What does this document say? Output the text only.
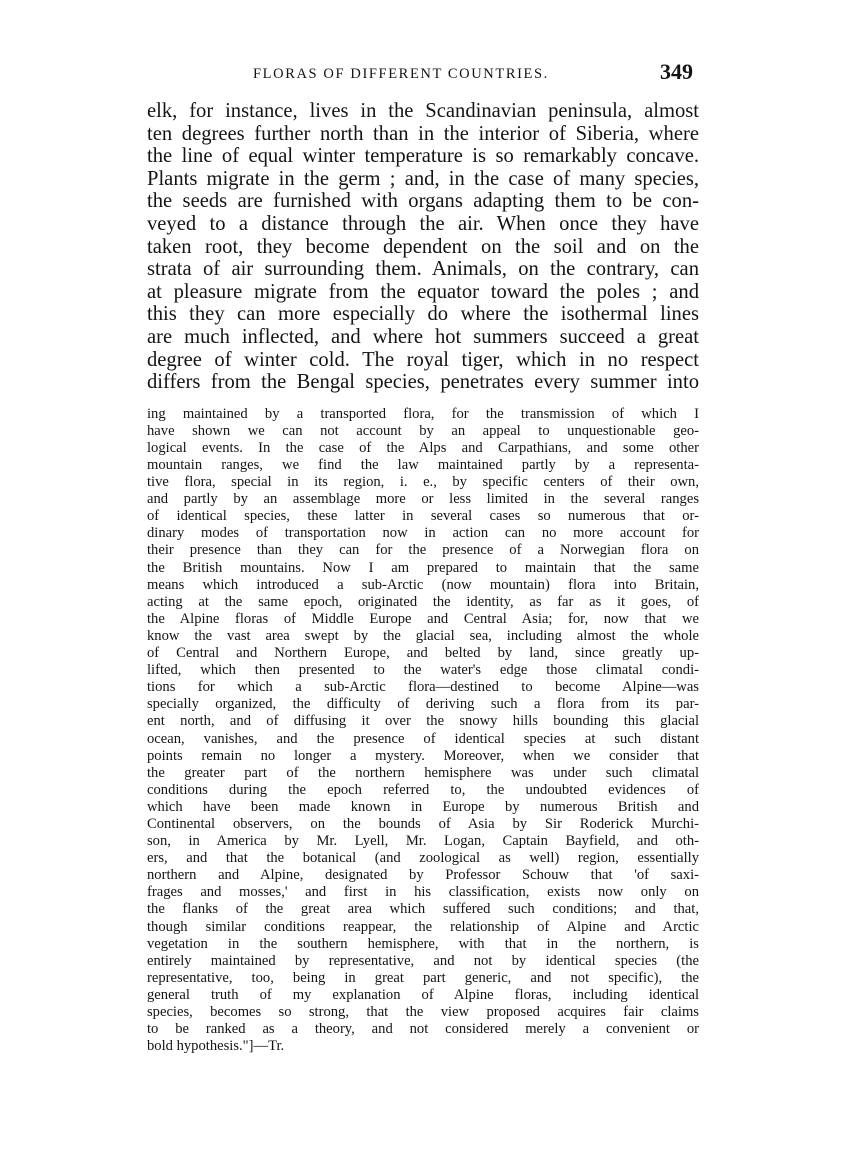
FLORAS OF DIFFERENT COUNTRIES.	349
elk, for instance, lives in the Scandinavian peninsula, almost
ten degrees further north than in the interior of Siberia, where
the line of equal winter temperature is so remarkably concave.
Plants migrate in the germ ; and, in the case of many species,
the seeds are furnished with organs adapting them to be con-
veyed to a distance through the air. When once they have
taken root, they become dependent on the soil and on the
strata of air surrounding them. Animals, on the contrary, can
at pleasure migrate from the equator toward the poles ; and
this they can more especially do where the isothermal lines
are much inflected, and where hot summers succeed a great
degree of winter cold. The royal tiger, which in no respect
differs from the Bengal species, penetrates every summer into
ing maintained by a transported flora, for the transmission of which I
have shown we can not account by an appeal to unquestionable geo-
logical events. In the case of the Alps and Carpathians, and some other
mountain ranges, we find the law maintained partly by a representa-
tive flora, special in its region, i. e., by specific centers of their own,
and partly by an assemblage more or less limited in the several ranges
of identical species, these latter in several cases so numerous that or-
dinary modes of transportation now in action can no more account for
their presence than they can for the presence of a Norwegian flora on
the British mountains. Now I am prepared to maintain that the same
means which introduced a sub-Arctic (now mountain) flora into Britain,
acting at the same epoch, originated the identity, as far as it goes, of
the Alpine floras of Middle Europe and Central Asia; for, now that we
know the vast area swept by the glacial sea, including almost the whole
of Central and Northern Europe, and belted by land, since greatly up-
lifted, which then presented to the water's edge those climatal condi-
tions for which a sub-Arctic flora—destined to become Alpine—was
specially organized, the difficulty of deriving such a flora from its par-
ent north, and of diffusing it over the snowy hills bounding this glacial
ocean, vanishes, and the presence of identical species at such distant
points remain no longer a mystery. Moreover, when we consider that
the greater part of the northern hemisphere was under such climatal
conditions during the epoch referred to, the undoubted evidences of
which have been made known in Europe by numerous British and
Continental observers, on the bounds of Asia by Sir Roderick Murchi-
son, in America by Mr. Lyell, Mr. Logan, Captain Bayfield, and oth-
ers, and that the botanical (and zoological as well) region, essentially
northern and Alpine, designated by Professor Schouw that 'of saxi-
frages and mosses,' and first in his classification, exists now only on
the flanks of the great area which suffered such conditions; and that,
though similar conditions reappear, the relationship of Alpine and Arctic
vegetation in the southern hemisphere, with that in the northern, is
entirely maintained by representative, and not by identical species (the
representative, too, being in great part generic, and not specific), the
general truth of my explanation of Alpine floras, including identical
species, becomes so strong, that the view proposed acquires fair claims
to be ranked as a theory, and not considered merely a convenient or
bold hypothesis."]—Tr.
